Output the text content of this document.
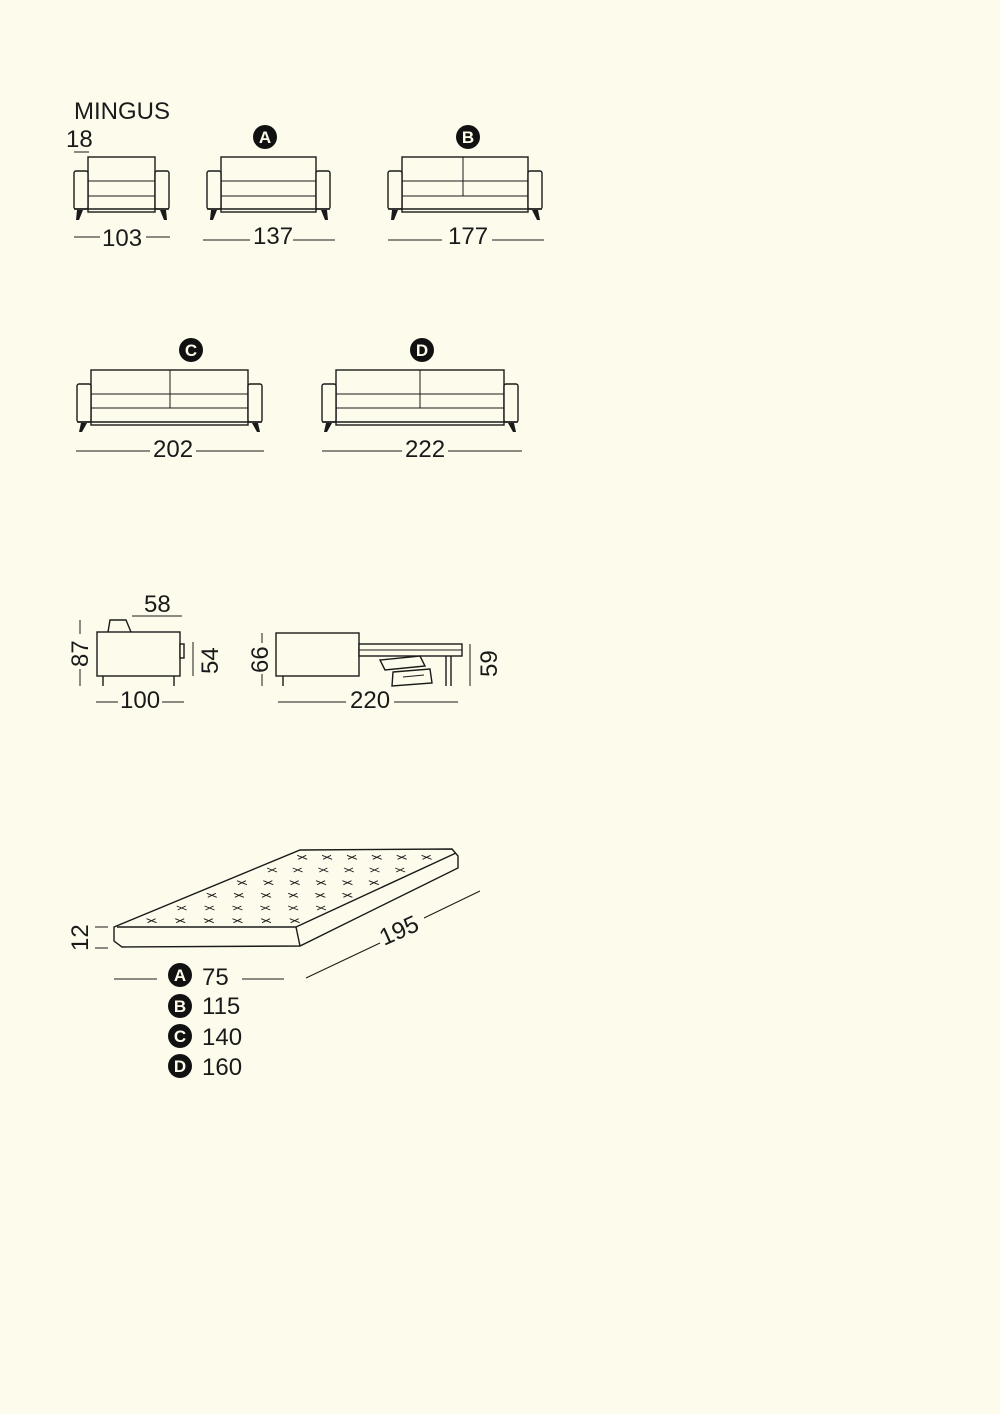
MINGUS
18
103
A
137
B
177
C
202
D
222
58
87	54
100
66	59
220
12	195
A 75
B 115
C 140
D 160
